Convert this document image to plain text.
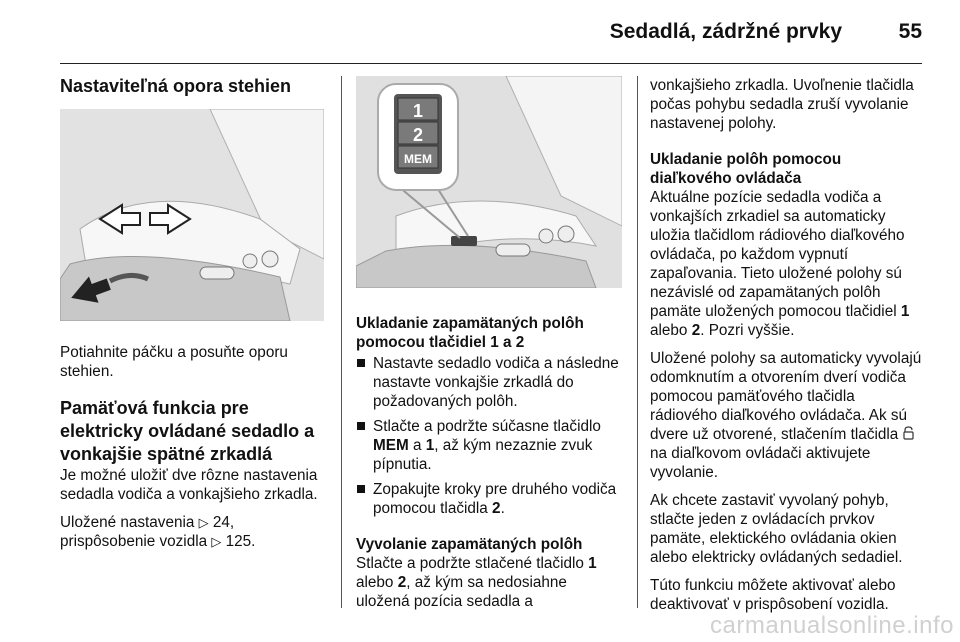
Sedadlá, zádržné prvky	55
Nastaviteľná opora stehien

Potiahnite páčku a posuňte oporu stehien.

Pamäťová funkcia pre elektricky ovládané sedadlo a vonkajšie spätné zrkadlá

Je možné uložiť dve rôzne nastavenia sedadla vodiča a vonkajšieho zrkadla.

Uložené nastavenia ▷ 24,
prispôsobenie vozidla ▷ 125.

1
2
MEM

Ukladanie zapamätaných polôh pomocou tlačidiel 1 a 2

Nastavte sedadlo vodiča a následne nastavte vonkajšie zrkadlá do požadovaných polôh.
Stlačte a podržte súčasne tlačidlo MEM a 1, až kým nezaznie zvuk pípnutia.
Zopakujte kroky pre druhého vodiča pomocou tlačidla 2.

Vyvolanie zapamätaných polôh

Stlačte a podržte stlačené tlačidlo 1 alebo 2, až kým sa nedosiahne uložená pozícia sedadla a

vonkajšieho zrkadla. Uvoľnenie tlačidla počas pohybu sedadla zruší vyvolanie nastavenej polohy.

Ukladanie polôh pomocou diaľkového ovládača

Aktuálne pozície sedadla vodiča a vonkajších zrkadiel sa automaticky uložia tlačidlom rádiového diaľkového ovládača, po každom vypnutí zapaľovania. Tieto uložené polohy sú nezávislé od zapamätaných polôh pamäte uložených pomocou tlačidiel 1 alebo 2. Pozri vyššie.

Uložené polohy sa automaticky vyvolajú odomknutím a otvorením dverí vodiča pomocou pamäťového tlačidla rádiového diaľkového ovládača. Ak sú dvere už otvorené, stlačením tlačidla  na diaľkovom ovládači aktivujete vyvolanie.

Ak chcete zastaviť vyvolaný pohyb, stlačte jeden z ovládacích prvkov pamäte, elektického ovládania okien alebo elektricky ovládaných sedadiel.

Túto funkciu môžete aktivovať alebo deaktivovať v prispôsobení vozidla.

carmanualsonline.info
